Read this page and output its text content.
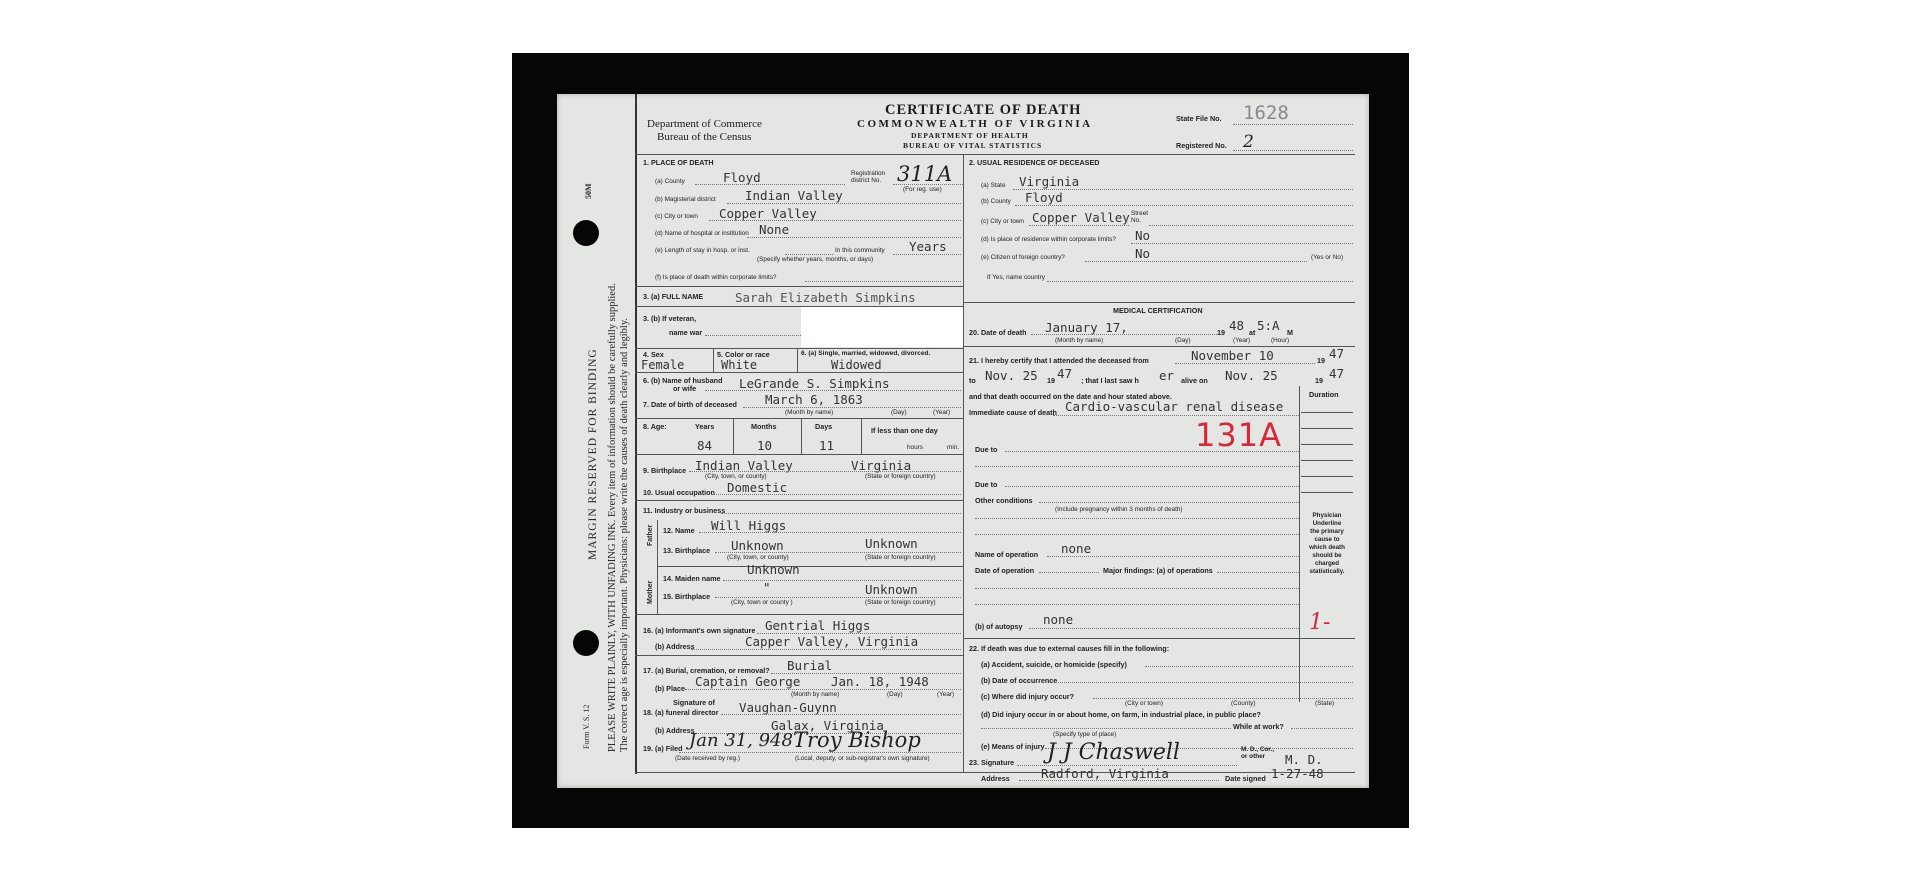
MARGIN RESERVED FOR BINDING PLEASE WRITE PLAINLY, WITH UNFADING INK. Every item of information should be carefully supplied. The correct age is especially important. Physicians: please write the causes of death clearly and legibly.
50M
Form V. S. 12
Department of Commerce
Bureau of the Census
CERTIFICATE OF DEATH
COMMONWEALTH OF VIRGINIA
DEPARTMENT OF HEALTH
BUREAU OF VITAL STATISTICS
State File No. 1628
Registered No. 2
1. PLACE OF DEATH
(a) County	Floyd	Registration district No. 311A
(For reg. use)
(b) Magisterial district Indian Valley
(c) City or town Copper Valley
(d) Name of hospital or institution None
(e) Length of stay in hosp. or inst.	In this community Years
(Specify whether years, months, or days)
(f) Is place of death within corporate limits?
2. USUAL RESIDENCE OF DECEASED
(a) State Virginia
(b) County Floyd
(c) City or town Copper Valley Street No.
(d) Is place of residence within corporate limits? No
(e) Citizen of foreign country?	No	(Yes or No)
If Yes, name country
3. (a) FULL NAME	Sarah Elizabeth Simpkins
3. (b) If veteran,
name war
4. Sex
Female
5. Color or race
White
6. (a) Single, married, widowed, divorced.
Widowed
6. (b) Name of husband
or wife	LeGrande S. Simpkins
7. Date of birth of deceased March 6, 1863
(Month by name)	(Day)	(Year)
8. Age:	Years	Months	Days
84	10	11
If less than one day
hours	min.
9. Birthplace Indian Valley	Virginia
(City, town, or county)	(State or foreign country)
10. Usual occupation Domestic
11. Industry or business
Father
Mother
12. Name Will Higgs
13. Birthplace Unknown	Unknown
(City, town, or county)	(State or foreign country)
14. Maiden name
Unknown
15. Birthplace
"	Unknown
(City, town or county )	(State or foreign country)
16. (a) Informant's own signature Gentrial Higgs
(b) Address	Capper Valley, Virginia
17. (a) Burial, cremation, or removal? Burial
(b) Place Captain George Jan. 18, 1948
(Month by name)	(Day)	(Year)
Signature of
18. (a) funeral director Vaughan-Guynn
(b) Address	Galax, Virginia
19. (a) Filed Jan 31, 948 Troy Bishop
(Date received by reg.)	(Local, deputy, or sub-registrar's own signature)
MEDICAL CERTIFICATION
20. Date of death January 17,	19 48 at 5:A M
(Month by name)	(Day)	(Year)	(Hour)
21. I hereby certify that I attended the deceased from	November 10	19 47
to Nov. 25 19 47 ; that I last saw h er alive on Nov. 25	19 47
and that death occurred on the date and hour stated above.	Duration
Immediate cause of death Cardio-vascular renal disease
131A
Due to
Due to
Other conditions
(Include pregnancy within 3 months of death)
Physician
Underline
the primary
cause to
which death
should be
charged
statistically.
Name of operation none
Date of operation	Major findings: (a) of operations
(b) of autopsy none	1-
22. If death was due to external causes fill in the following:
(a) Accident, suicide, or homicide (specify)
(b) Date of occurrence
(c) Where did injury occur?
(City or town)	(County)	(State)
(d) Did injury occur in or about home, on farm, in industrial place, in public place?
While at work?
(Specify type of place)
(e) Means of injury
23. Signature J J Chaswell	M. D., Cor., or other	M. D.
Address Radford, Virginia	Date signed 1-27-48
